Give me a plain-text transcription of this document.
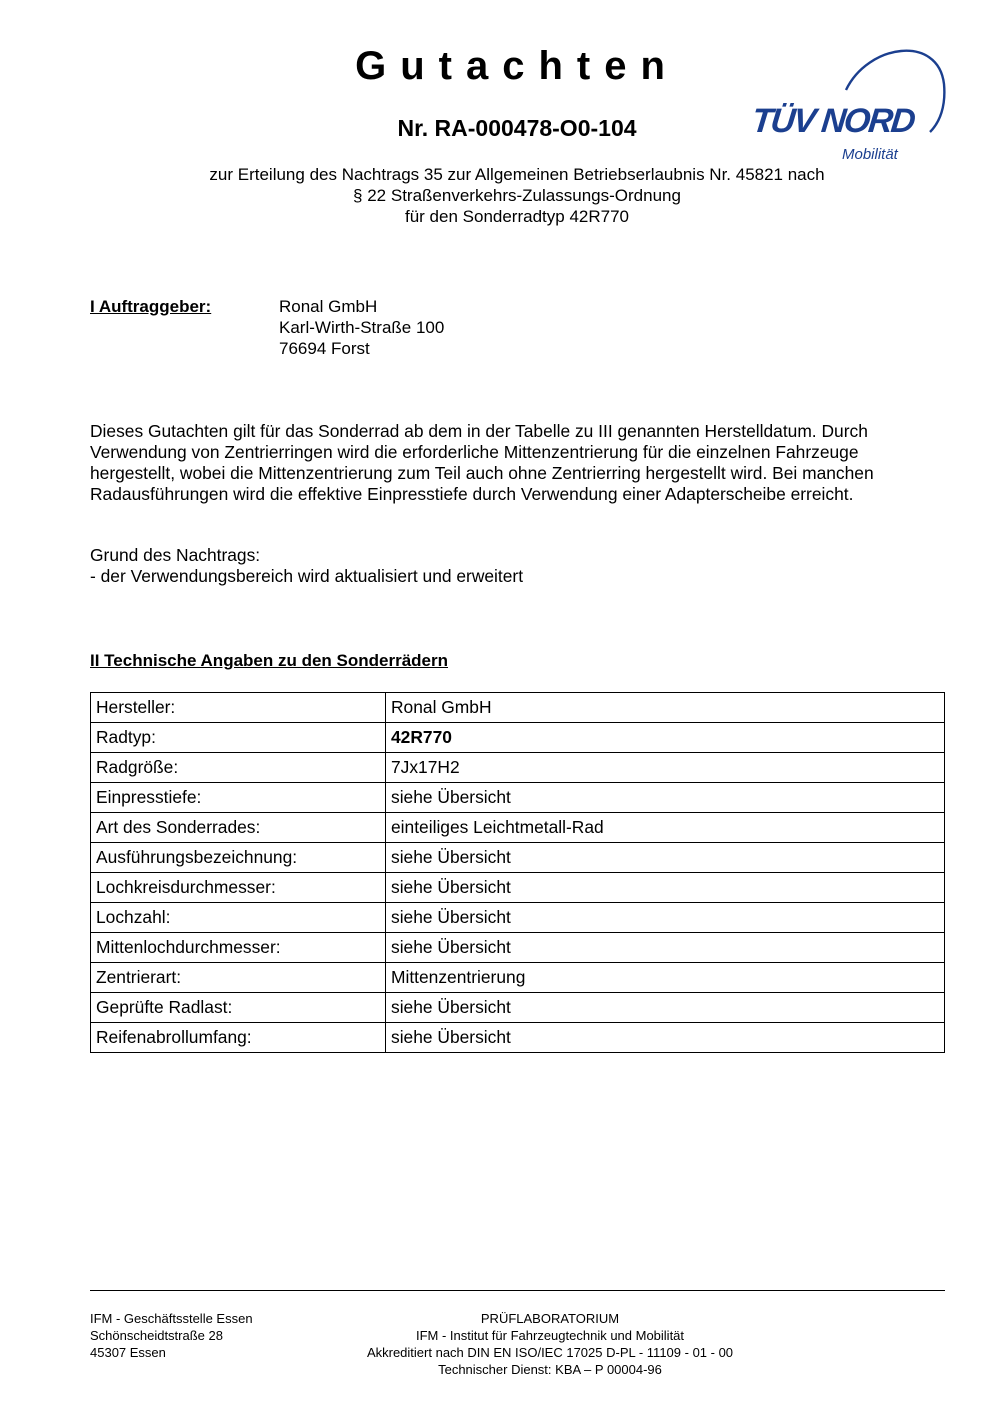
Gutachten
Nr. RA-000478-O0-104
zur Erteilung des Nachtrags 35 zur Allgemeinen Betriebserlaubnis Nr. 45821 nach
§ 22 Straßenverkehrs-Zulassungs-Ordnung
für den Sonderradtyp 42R770
TÜV NORD
Mobilität
I Auftraggeber:	Ronal GmbH
Karl-Wirth-Straße 100
76694 Forst
Dieses Gutachten gilt für das Sonderrad ab dem in der Tabelle zu III genannten Herstelldatum. Durch Verwendung von Zentrierringen wird die erforderliche Mittenzentrierung für die einzelnen Fahrzeuge hergestellt, wobei die Mittenzentrierung zum Teil auch ohne Zentrierring hergestellt wird. Bei manchen Radausführungen wird die effektive Einpresstiefe durch Verwendung einer Adapterscheibe erreicht.
Grund des Nachtrags:
- der Verwendungsbereich wird aktualisiert und erweitert
II Technische Angaben zu den Sonderrädern
Hersteller:	Ronal GmbH
Radtyp:	42R770
Radgröße:	7Jx17H2
Einpresstiefe:	siehe Übersicht
Art des Sonderrades:	einteiliges Leichtmetall-Rad
Ausführungsbezeichnung:	siehe Übersicht
Lochkreisdurchmesser:	siehe Übersicht
Lochzahl:	siehe Übersicht
Mittenlochdurchmesser:	siehe Übersicht
Zentrierart:	Mittenzentrierung
Geprüfte Radlast:	siehe Übersicht
Reifenabrollumfang:	siehe Übersicht
IFM - Geschäftsstelle Essen
Schönscheidtstraße 28
45307 Essen
PRÜFLABORATORIUM
IFM - Institut für Fahrzeugtechnik und Mobilität
Akkreditiert nach DIN EN ISO/IEC 17025 D-PL - 11109 - 01 - 00
Technischer Dienst: KBA – P 00004-96
